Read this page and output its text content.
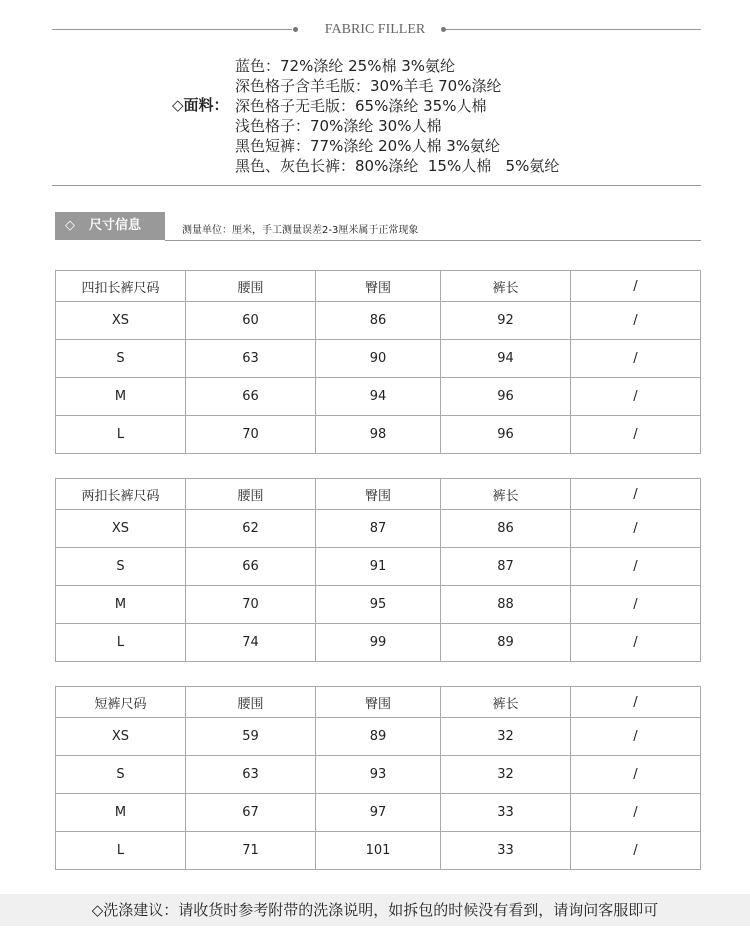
FABRIC FILLER
◇面料：
蓝色：72%涤纶 25%棉 3%氨纶
深色格子含羊毛版：30%羊毛 70%涤纶
深色格子无毛版：65%涤纶 35%人棉
浅色格子：70%涤纶 30%人棉
黑色短裤：77%涤纶 20%人棉 3%氨纶
黑色、灰色长裤：80%涤纶  15%人棉   5%氨纶
◇ 尺寸信息	测量单位：厘米，手工测量误差2-3厘米属于正常现象
四扣长裤尺码	腰围	臀围	裤长	/
XS	60	86	92	/
S	63	90	94	/
M	66	94	96	/
L	70	98	96	/
两扣长裤尺码	腰围	臀围	裤长	/
XS	62	87	86	/
S	66	91	87	/
M	70	95	88	/
L	74	99	89	/
短裤尺码	腰围	臀围	裤长	/
XS	59	89	32	/
S	63	93	32	/
M	67	97	33	/
L	71	101	33	/
◇洗涤建议：请收货时参考附带的洗涤说明，如拆包的时候没有看到，请询问客服即可
